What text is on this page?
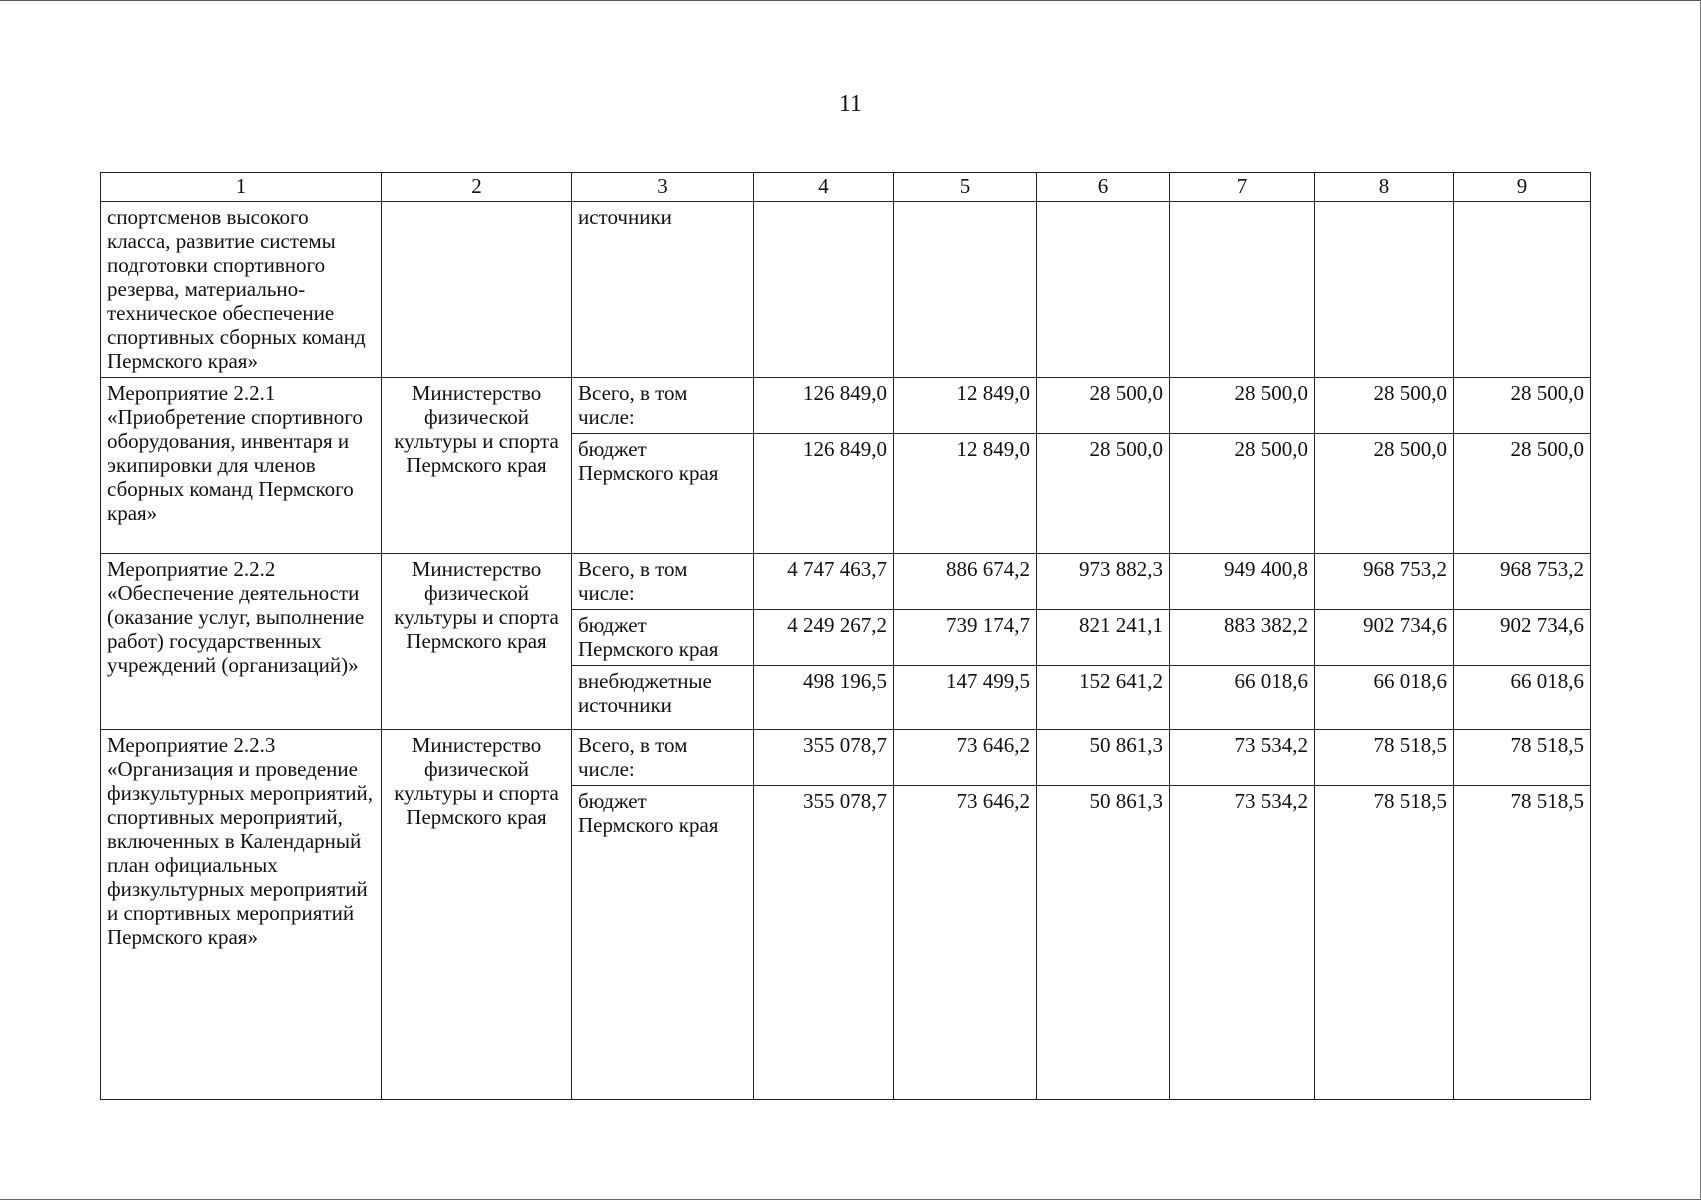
11
1	2	3	4	5	6	7	8	9
спортсменов высокого класса, развитие системы подготовки спортивного резерва, материально-техническое обеспечение спортивных сборных команд Пермского края»		источники						
Мероприятие 2.2.1 «Приобретение спортивного оборудования, инвентаря и экипировки для членов сборных команд Пермского края»	Министерство физической культуры и спорта Пермского края	Всего, в том числе:	126 849,0	12 849,0	28 500,0	28 500,0	28 500,0	28 500,0
		бюджет Пермского края	126 849,0	12 849,0	28 500,0	28 500,0	28 500,0	28 500,0
Мероприятие 2.2.2 «Обеспечение деятельности (оказание услуг, выполнение работ) государственных учреждений (организаций)»	Министерство физической культуры и спорта Пермского края	Всего, в том числе:	4 747 463,7	886 674,2	973 882,3	949 400,8	968 753,2	968 753,2
		бюджет Пермского края	4 249 267,2	739 174,7	821 241,1	883 382,2	902 734,6	902 734,6
		внебюджетные источники	498 196,5	147 499,5	152 641,2	66 018,6	66 018,6	66 018,6
Мероприятие 2.2.3 «Организация и проведение физкультурных мероприятий, спортивных мероприятий, включенных в Календарный план официальных физкультурных мероприятий и спортивных мероприятий Пермского края»	Министерство физической культуры и спорта Пермского края	Всего, в том числе:	355 078,7	73 646,2	50 861,3	73 534,2	78 518,5	78 518,5
		бюджет Пермского края	355 078,7	73 646,2	50 861,3	73 534,2	78 518,5	78 518,5
